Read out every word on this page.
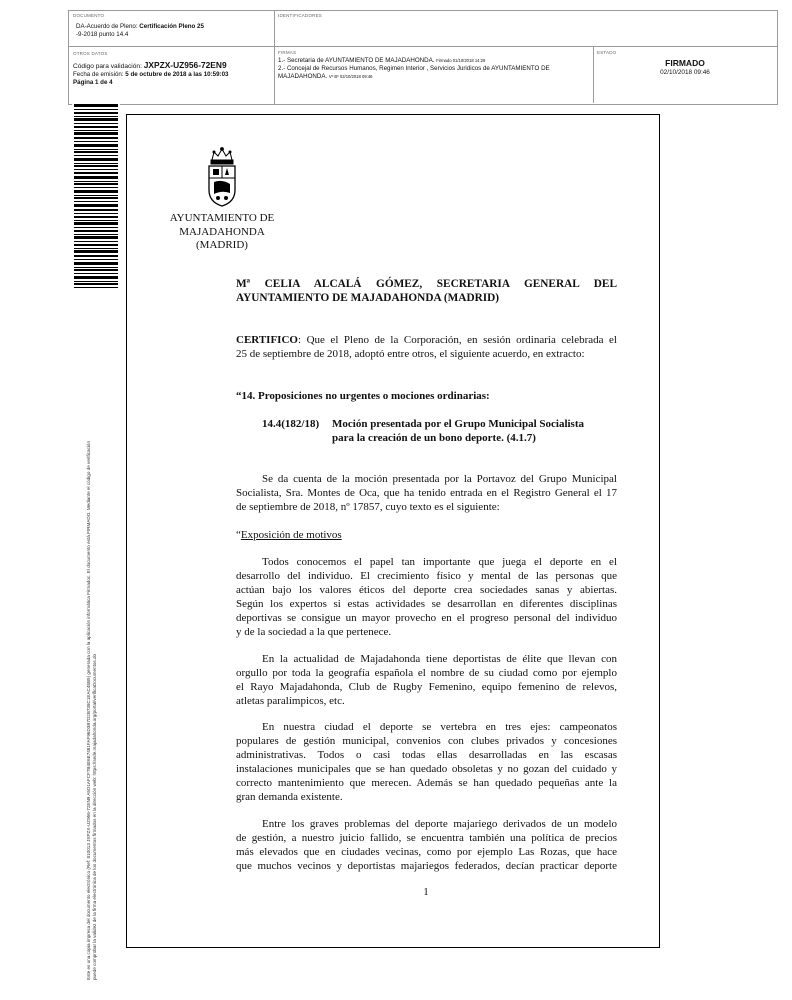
DOCUMENTO
DA-Acuerdo de Pleno: Certificación Pleno 25
-9-2018 punto 14.4
IDENTIFICADORES
OTROS DATOS
Código para validación: JXPZX-UZ956-72EN9
Fecha de emisión: 5 de octubre de 2018 a las 10:59:03
Página 1 de 4
FIRMAS
1.- Secretaria de AYUNTAMIENTO DE MAJADAHONDA. Firmado 01/10/2018 14:28
2.- Concejal de Recursos Humanos, Regimen Interior , Servicios Juridicos de AYUNTAMIENTO DE
MAJADAHONDA. Vº Bº 02/10/2018 09:46
ESTADO
FIRMADO
02/10/2018 09:46
Este es una copia impresa del documento electrónico (Ref: 810013 JXPZX-UZ956-72EN9 A5D1AFCF7B4E6E7481FAF96D3B7D2B738C1EAC48B5) generada con la aplicación informática Firmadoc. El documento está FIRMADO. Mediante el código de verificación puede comprobar la validez de la firma electrónica de los documentos firmados en la dirección web: https://sede.majadahonda.org/portal/verificaDocumentos.do
AYUNTAMIENTO DE
MAJADAHONDA
(MADRID)
Mª CELIA ALCALÁ GÓMEZ, SECRETARIA GENERAL DEL
AYUNTAMIENTO DE MAJADAHONDA (MADRID)
CERTIFICO: Que el Pleno de la Corporación, en sesión ordinaria celebrada el
25 de septiembre de 2018, adoptó entre otros, el siguiente acuerdo, en extracto:
“14. Proposiciones no urgentes o mociones ordinarias:
14.4(182/18) Moción presentada por el Grupo Municipal Socialista
para la creación de un bono deporte. (4.1.7)
Se da cuenta de la moción presentada por la Portavoz del Grupo Municipal
Socialista, Sra. Montes de Oca, que ha tenido entrada en el Registro General el 17
de septiembre de 2018, nº 17857, cuyo texto es el siguiente:
“Exposición de motivos
Todos conocemos el papel tan importante que juega el deporte en el
desarrollo del individuo. El crecimiento físico y mental de las personas que
actúan bajo los valores éticos del deporte crea sociedades sanas y abiertas.
Según los expertos si estas actividades se desarrollan en diferentes disciplinas
deportivas se consigue un mayor provecho en el progreso personal del individuo
y de la sociedad a la que pertenece.
En la actualidad de Majadahonda tiene deportistas de élite que llevan con
orgullo por toda la geografía española el nombre de su ciudad como por ejemplo
el Rayo Majadahonda, Club de Rugby Femenino, equipo femenino de relevos,
atletas paralímpicos, etc.
En nuestra ciudad el deporte se vertebra en tres ejes: campeonatos
populares de gestión municipal, convenios con clubes privados y concesiones
administrativas. Todos o casi todas ellas desarrolladas en las escasas
instalaciones municipales que se han quedado obsoletas y no gozan del cuidado y
correcto mantenimiento que merecen. Además se han quedado pequeñas ante la
gran demanda existente.
Entre los graves problemas del deporte majariego derivados de un modelo
de gestión, a nuestro juicio fallido, se encuentra también una política de precios
más elevados que en ciudades vecinas, como por ejemplo Las Rozas, que hace
que muchos vecinos y deportistas majariegos federados, decían practicar deporte
1
